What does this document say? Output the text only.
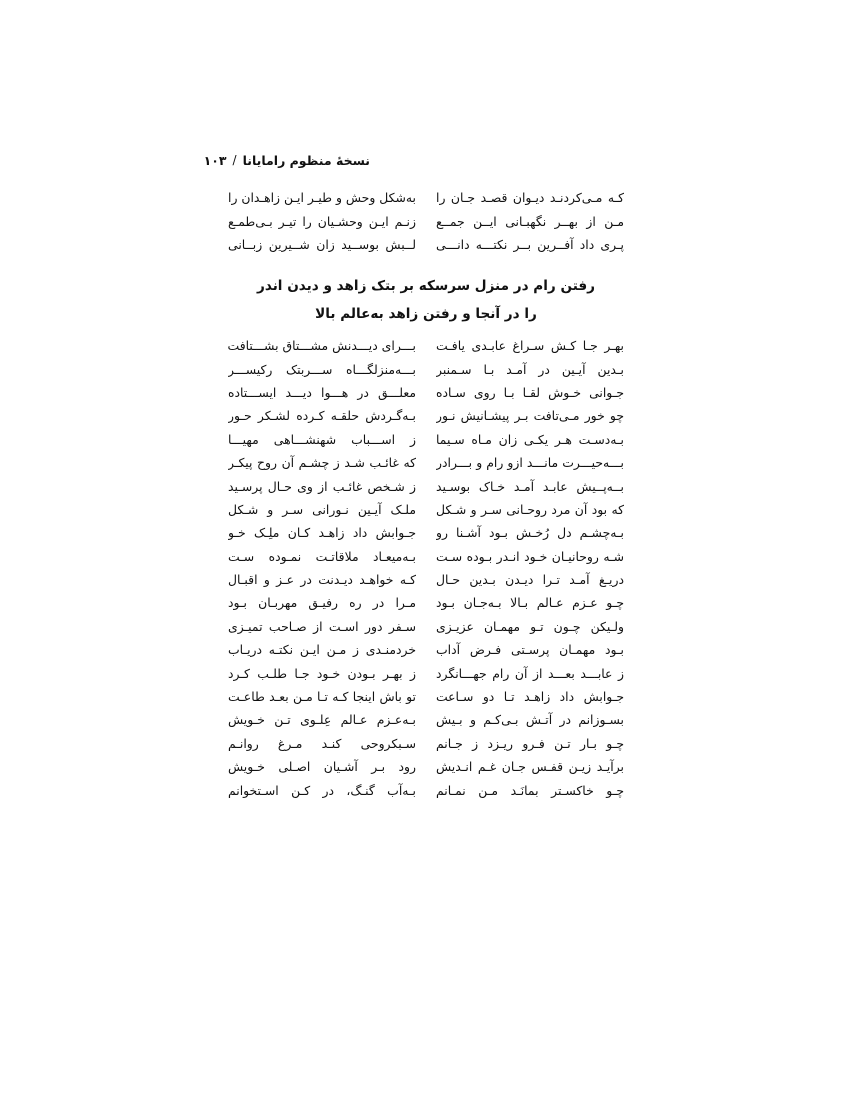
نسخهٔ منظوم رامایانا
/
۱۰۳
کـه مـی‌کردنـد دیـوان قصـد جـان را
به‌شکل وحش و طیـر ایـن زاهـدان را
مـن از بهــر نگهبـانی ایــن جمــع
زنـم ایـن وحشـیان را تیـر بـی‌طمـع
پـری داد آفــرین بــر نکتـــه دانـــی
لــبش بوســید زان شــیرین زبــانی
رفتن رام در منزل سرسکه بر بتک زاهد و دیدن اندر
را در آنجا و رفتن زاهد به‌عالم بالا
بهـر جـا کـش سـراغ عابـدی یافـت
بـــرای دیـــدنش مشـــتاق بشـــتافت
بـدین آیـین در آمـد بـا سـمنبر
بـــه‌منزلگـــاه ســـربتک رکیســـر
جـوانی خـوش لقـا بـا روی سـاده
معلـــق در هـــوا دیـــد ایســـتاده
چو خور مـی‌تافت بـر پیشـانیش نـور
بـه‌گـردش حلقـه کـرده لشـکر حـور
بـه‌دسـت هـر یکـی زان مـاه سـیما
ز اســـباب شهنشـــاهی مهیـــا
بـــه‌حیـــرت مانـــد ازو رام و بـــرادر
که غائـب شـد ز چشـم آن روح پیکـر
بــه‌پــیش عابـد آمـد خـاک بوسـید
ز شـخص غائـب از وی حـال پرسـید
که بود آن مرد روحـانی سـر و شـکل
ملـک آیـین نـورانی سـر و شـکل
بـه‌چشـم دل رُخـش بـود آشـنا رو
جـوابش داد زاهـد کـان ملِـک خـو
شـه روحانیـان خـود انـدر بـوده سـت
بـه‌میعـاد ملاقاتـت نمـوده سـت
دریـغ آمـد تـرا دیـدن بـدین حـال
کـه خواهـد دیـدنت در عـز و اقبـال
چـو عـزم عـالم بـالا بـه‌جـان بـود
مـرا در ره رفیـق مهربـان بـود
ولـیکن چـون تـو مهمـان عزیـزی
سـفر دور اسـت از صـاحب تمیـزی
بـود مهمـان پرسـتی فـرض آداب
خردمنـدی ز مـن ایـن نکتـه دریـاب
ز عابـــد بعـــد از آن رام جهـــانگرد
ز بهـر بـودن خـود جـا طلـب کـرد
جـوابش داد زاهـد تـا دو سـاعت
تو باش اینجا کـه تـا مـن بعـد طاعـت
بسـوزانم در آتـش بـی‌کـم و بـیش
بـه‌عـزم عـالم عِلـوی تـن خـویش
چـو بـار تـن فـرو ریـزد ز جـانم
سـبکروحی کنـد مـرغ روانـم
برآیـد زیـن قفـس جـان غـم انـدیش
رود بـر آشـیان اصـلی خـویش
چـو خاکسـتر بمانَـد مـن نمـانم
بـه‌آب گنـگ، در کـن اسـتخوانم
